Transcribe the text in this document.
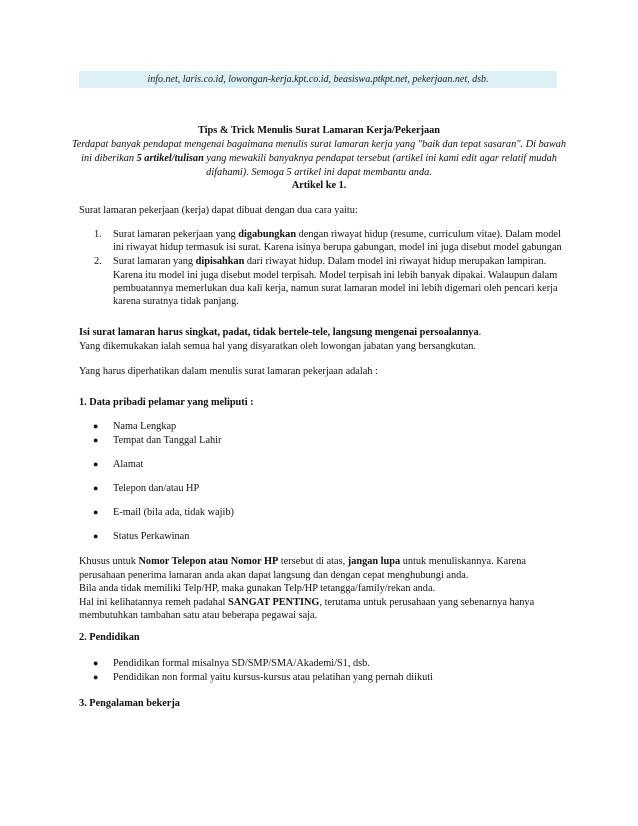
info.net, laris.co.id, lowongan-kerja.kpt.co.id, beasiswa.ptkpt.net, pekerjaan.net, dsb.
Tips & Trick Menulis Surat Lamaran Kerja/Pekerjaan
Terdapat banyak pendapat mengenai bagaimana menulis surat lamaran kerja yang "baik dan tepat sasaran". Di bawah ini diberikan 5 artikel/tulisan yang mewakili banyaknya pendapat tersebut (artikel ini kami edit agar relatif mudah difahami). Semoga 5 artikel ini dapat membantu anda.
Artikel ke 1.
Surat lamaran pekerjaan (kerja) dapat dibuat dengan dua cara yaitu:
1. Surat lamaran pekerjaan yang digabungkan dengan riwayat hidup (resume, curriculum vitae). Dalam model ini riwayat hidup termasuk isi surat. Karena isinya berupa gabungan, model ini juga disebut model gabungan
2. Surat lamaran yang dipisahkan dari riwayat hidup. Dalam model ini riwayat hidup merupakan lampiran. Karena itu model ini juga disebut model terpisah. Model terpisah ini lebih banyak dipakai. Walaupun dalam pembuatannya memerlukan dua kali kerja, namun surat lamaran model ini lebih digemari oleh pencari kerja karena suratnya tidak panjang.
Isi surat lamaran harus singkat, padat, tidak bertele-tele, langsung mengenai persoalannya.
Yang dikemukakan ialah semua hal yang disyaratkan oleh lowongan jabatan yang bersangkutan.
Yang harus diperhatikan dalam menulis surat lamaran pekerjaan adalah :
1. Data pribadi pelamar yang meliputi :
● Nama Lengkap
● Tempat dan Tanggal Lahir
● Alamat
● Telepon dan/atau HP
● E-mail (bila ada, tidak wajib)
● Status Perkawinan
Khusus untuk Nomor Telepon atau Nomor HP tersebut di atas, jangan lupa untuk menuliskannya. Karena perusahaan penerima lamaran anda akan dapat langsung dan dengan cepat menghubungi anda.
Bila anda tidak memiliki Telp/HP, maka gunakan Telp/HP tetangga/family/rekan anda.
Hal ini kelihatannya remeh padahal SANGAT PENTING, terutama untuk perusahaan yang sebenarnya hanya membutuhkan tambahan satu atau beberapa pegawai saja.
2. Pendidikan
● Pendidikan formal misalnya SD/SMP/SMA/Akademi/S1, dsb.
● Pendidikan non formal yaitu kursus-kursus atau pelatihan yang pernah diikuti
3. Pengalaman bekerja
